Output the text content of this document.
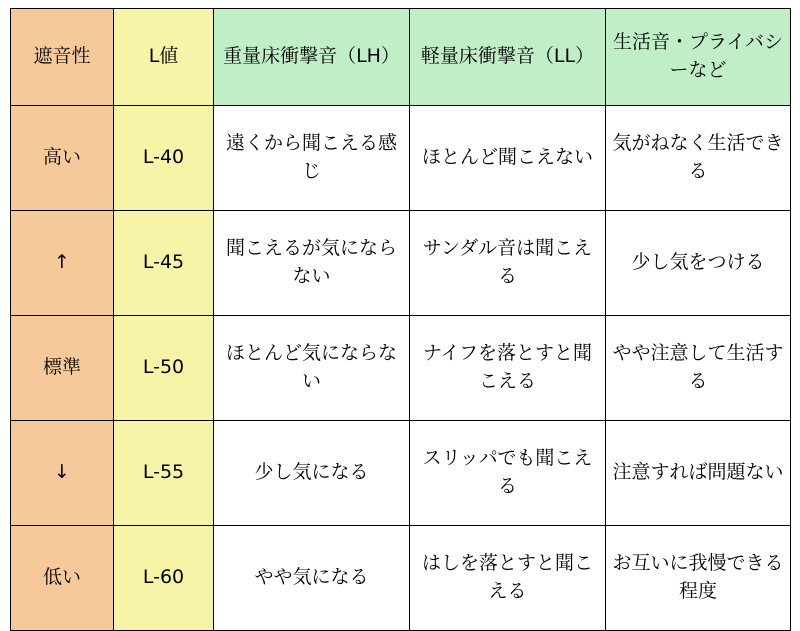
遮音性	L値	重量床衝撃音（LH）	軽量床衝撃音（LL）	生活音・プライバシーなど
高い	L-40	遠くから聞こえる感じ	ほとんど聞こえない	気がねなく生活できる
↑	L-45	聞こえるが気にならない	サンダル音は聞こえる	少し気をつける
標準	L-50	ほとんど気にならない	ナイフを落とすと聞こえる	やや注意して生活する
↓	L-55	少し気になる	スリッパでも聞こえる	注意すれば問題ない
低い	L-60	やや気になる	はしを落とすと聞こえる	お互いに我慢できる程度
